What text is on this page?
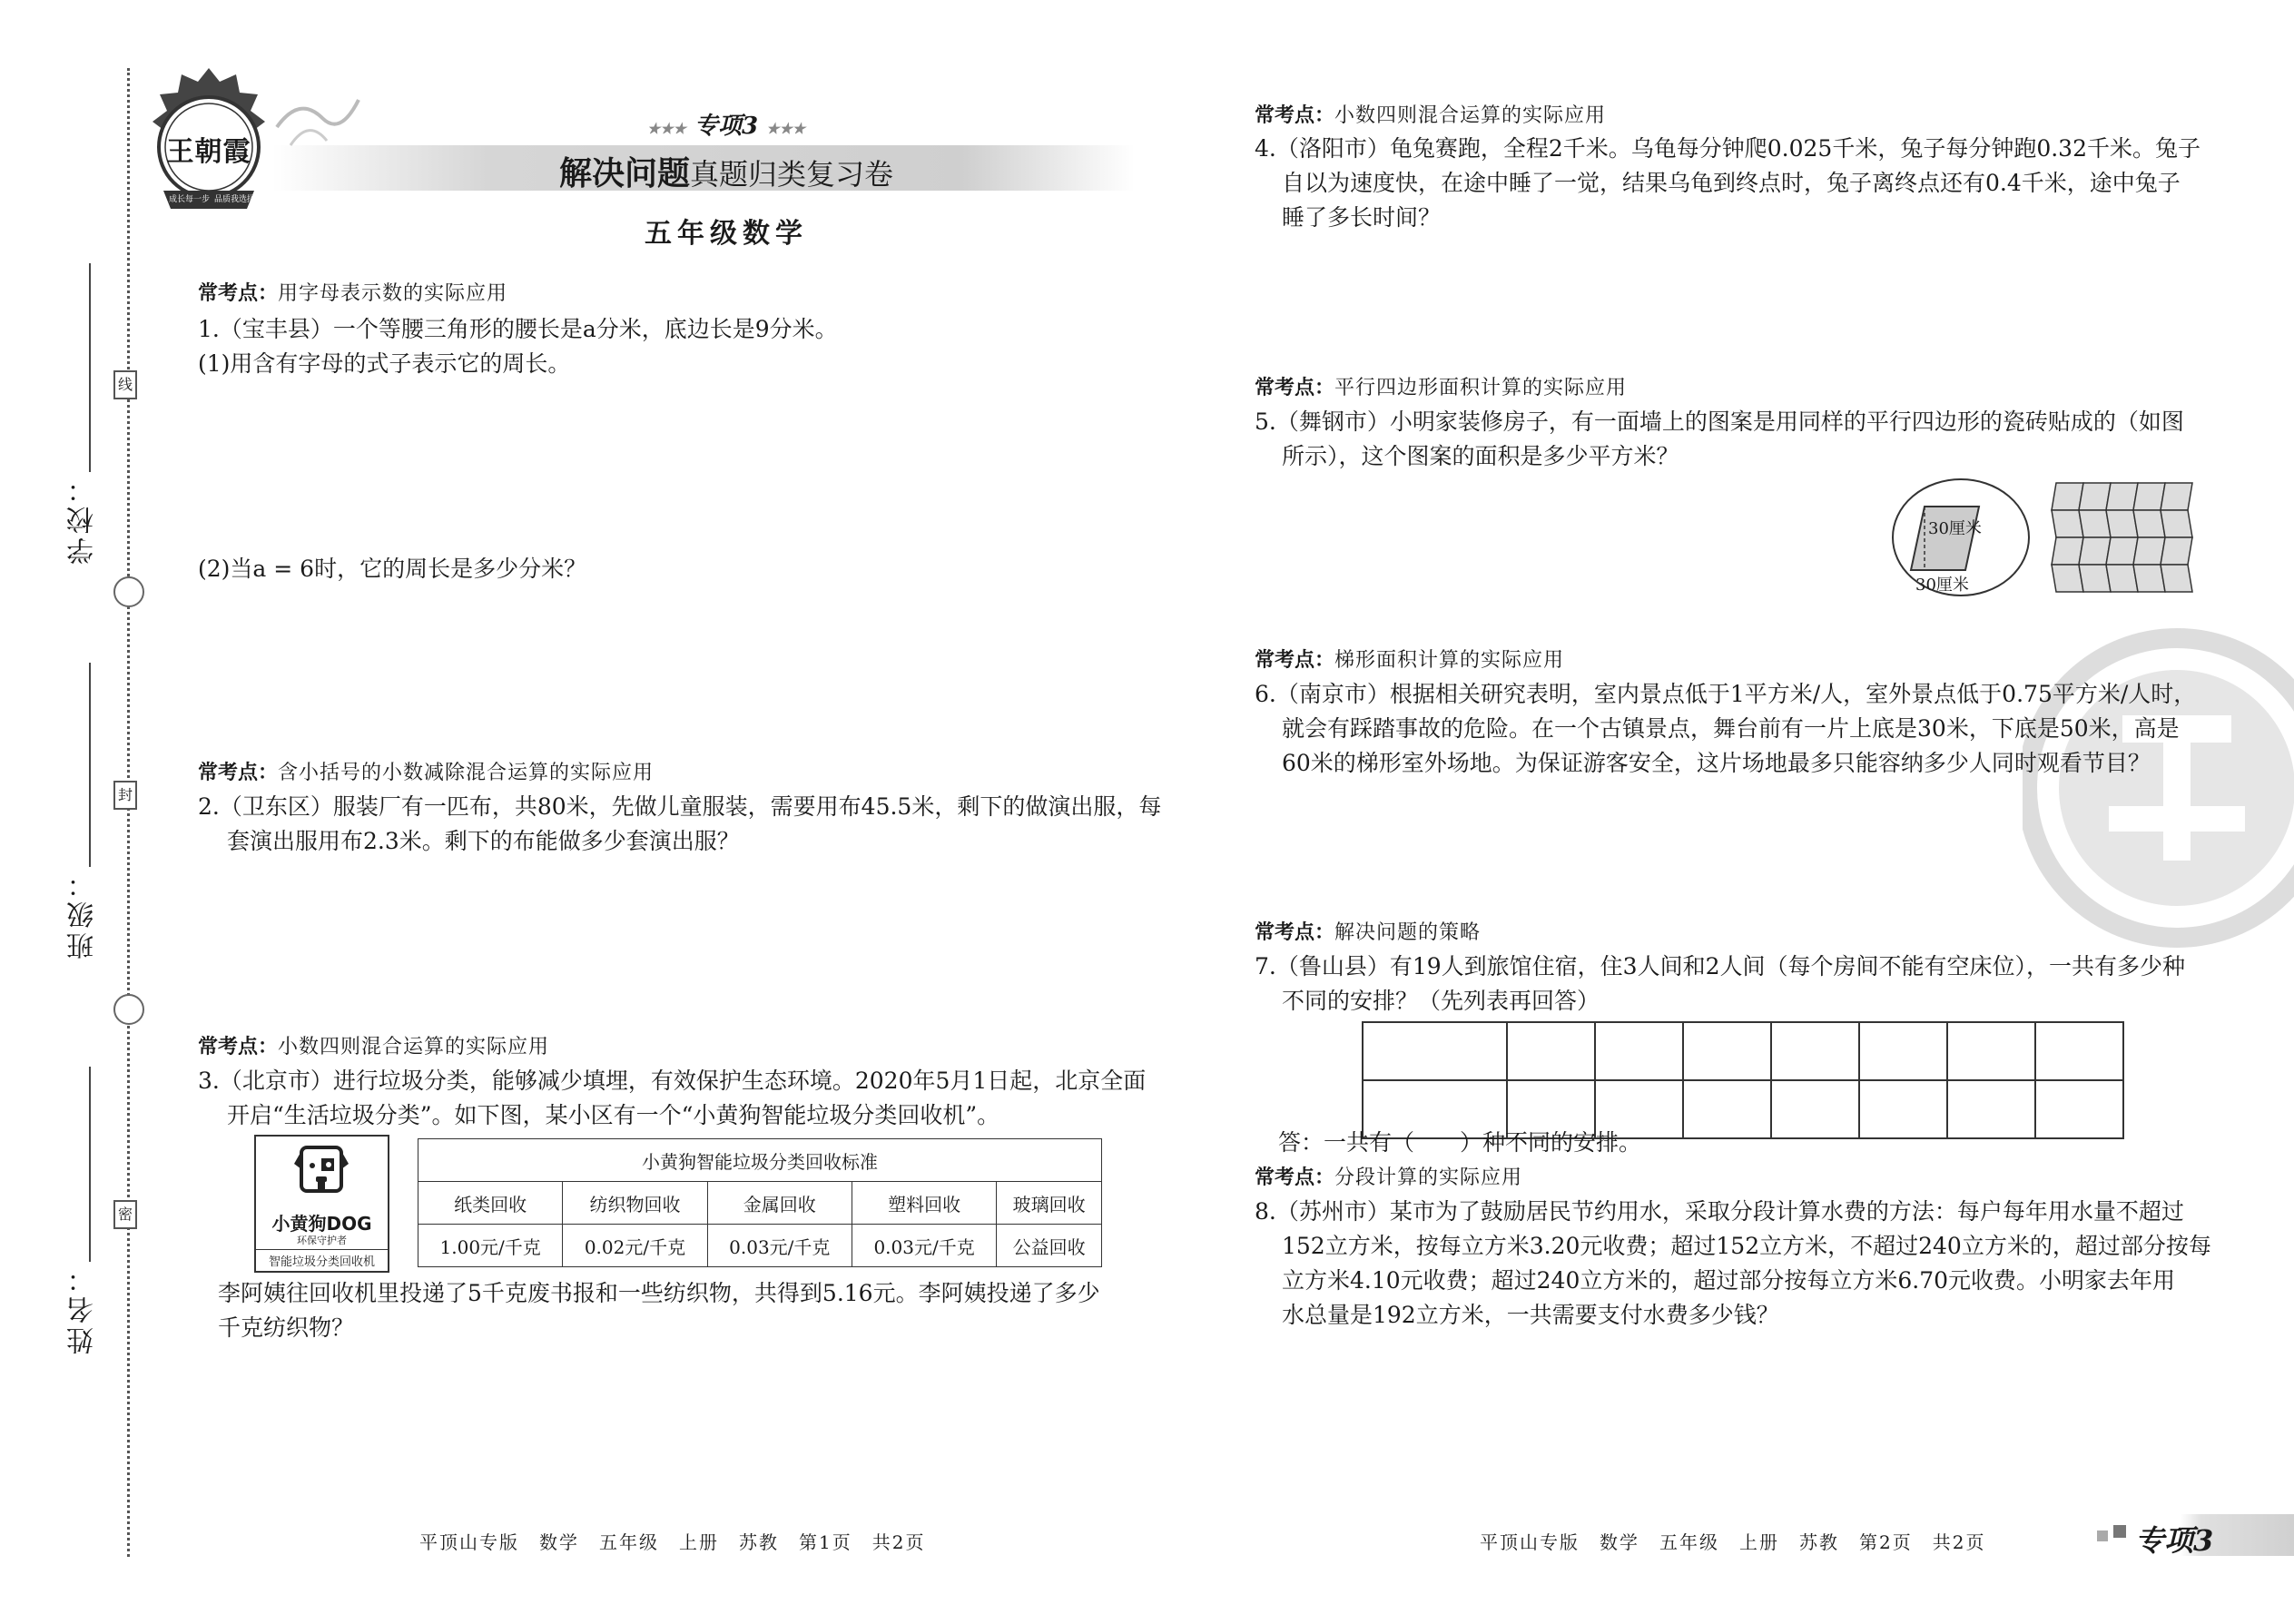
学校：
班级：
姓名：
线
封
密
王朝霞
成长每一步 品质我选择
★★★ 专项3 ★★★
解决问题真题归类复习卷
五年级数学
常考点：用字母表示数的实际应用
1.（宝丰县）一个等腰三角形的腰长是a分米，底边长是9分米。
(1)用含有字母的式子表示它的周长。
(2)当a = 6时，它的周长是多少分米？
常考点：含小括号的小数减除混合运算的实际应用
2.（卫东区）服装厂有一匹布，共80米，先做儿童服装，需要用布45.5米，剩下的做演出服，每
套演出服用布2.3米。剩下的布能做多少套演出服？
常考点：小数四则混合运算的实际应用
3.（北京市）进行垃圾分类，能够减少填埋，有效保护生态环境。2020年5月1日起，北京全面
开启“生活垃圾分类”。如下图，某小区有一个“小黄狗智能垃圾分类回收机”。
小黄狗DOG
环保守护者
智能垃圾分类回收机
小黄狗智能垃圾分类回收标准				
纸类回收	纺织物回收	金属回收	塑料回收	玻璃回收
1.00元/千克	0.02元/千克	0.03元/千克	0.03元/千克	公益回收
李阿姨往回收机里投递了5千克废书报和一些纺织物，共得到5.16元。李阿姨投递了多少
千克纺织物？
平顶山专版　数学　五年级　上册　苏教　第1页　共2页
常考点：小数四则混合运算的实际应用
4.（洛阳市）龟兔赛跑，全程2千米。乌龟每分钟爬0.025千米，兔子每分钟跑0.32千米。兔子
自以为速度快，在途中睡了一觉，结果乌龟到终点时，兔子离终点还有0.4千米，途中兔子
睡了多长时间？
常考点：平行四边形面积计算的实际应用
5.（舞钢市）小明家装修房子，有一面墙上的图案是用同样的平行四边形的瓷砖贴成的（如图
所示），这个图案的面积是多少平方米？
30厘米
30厘米
常考点：梯形面积计算的实际应用
6.（南京市）根据相关研究表明，室内景点低于1平方米/人，室外景点低于0.75平方米/人时，
就会有踩踏事故的危险。在一个古镇景点，舞台前有一片上底是30米，下底是50米，高是
60米的梯形室外场地。为保证游客安全，这片场地最多只能容纳多少人同时观看节目？
常考点：解决问题的策略
7.（鲁山县）有19人到旅馆住宿，住3人间和2人间（每个房间不能有空床位），一共有多少种
不同的安排？（先列表再回答）

答：一共有（　　）种不同的安排。
常考点：分段计算的实际应用
8.（苏州市）某市为了鼓励居民节约用水，采取分段计算水费的方法：每户每年用水量不超过
152立方米，按每立方米3.20元收费；超过152立方米，不超过240立方米的，超过部分按每
立方米4.10元收费；超过240立方米的，超过部分按每立方米6.70元收费。小明家去年用
水总量是192立方米，一共需要支付水费多少钱？
平顶山专版　数学　五年级　上册　苏教　第2页　共2页	专项3
